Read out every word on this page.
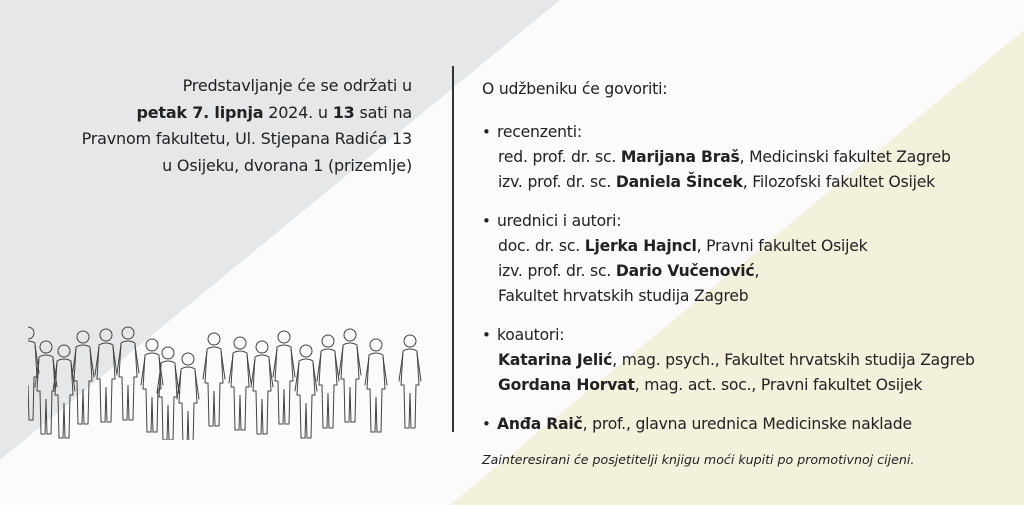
Predstavljanje će se održati u
petak 7. lipnja 2024. u 13 sati na
Pravnom fakultetu, Ul. Stjepana Radića 13
u Osijeku, dvorana 1 (prizemlje)
O udžbeniku će govoriti:
• recenzenti:
red. prof. dr. sc. Marijana Braš, Medicinski fakultet Zagreb
izv. prof. dr. sc. Daniela Šincek, Filozofski fakultet Osijek
• urednici i autori:
doc. dr. sc. Ljerka Hajncl, Pravni fakultet Osijek
izv. prof. dr. sc. Dario Vučenović,
Fakultet hrvatskih studija Zagreb
• koautori:
Katarina Jelić, mag. psych., Fakultet hrvatskih studija Zagreb
Gordana Horvat, mag. act. soc., Pravni fakultet Osijek
• Anđa Raič, prof., glavna urednica Medicinske naklade
Zainteresirani će posjetitelji knjigu moći kupiti po promotivnoj cijeni.
